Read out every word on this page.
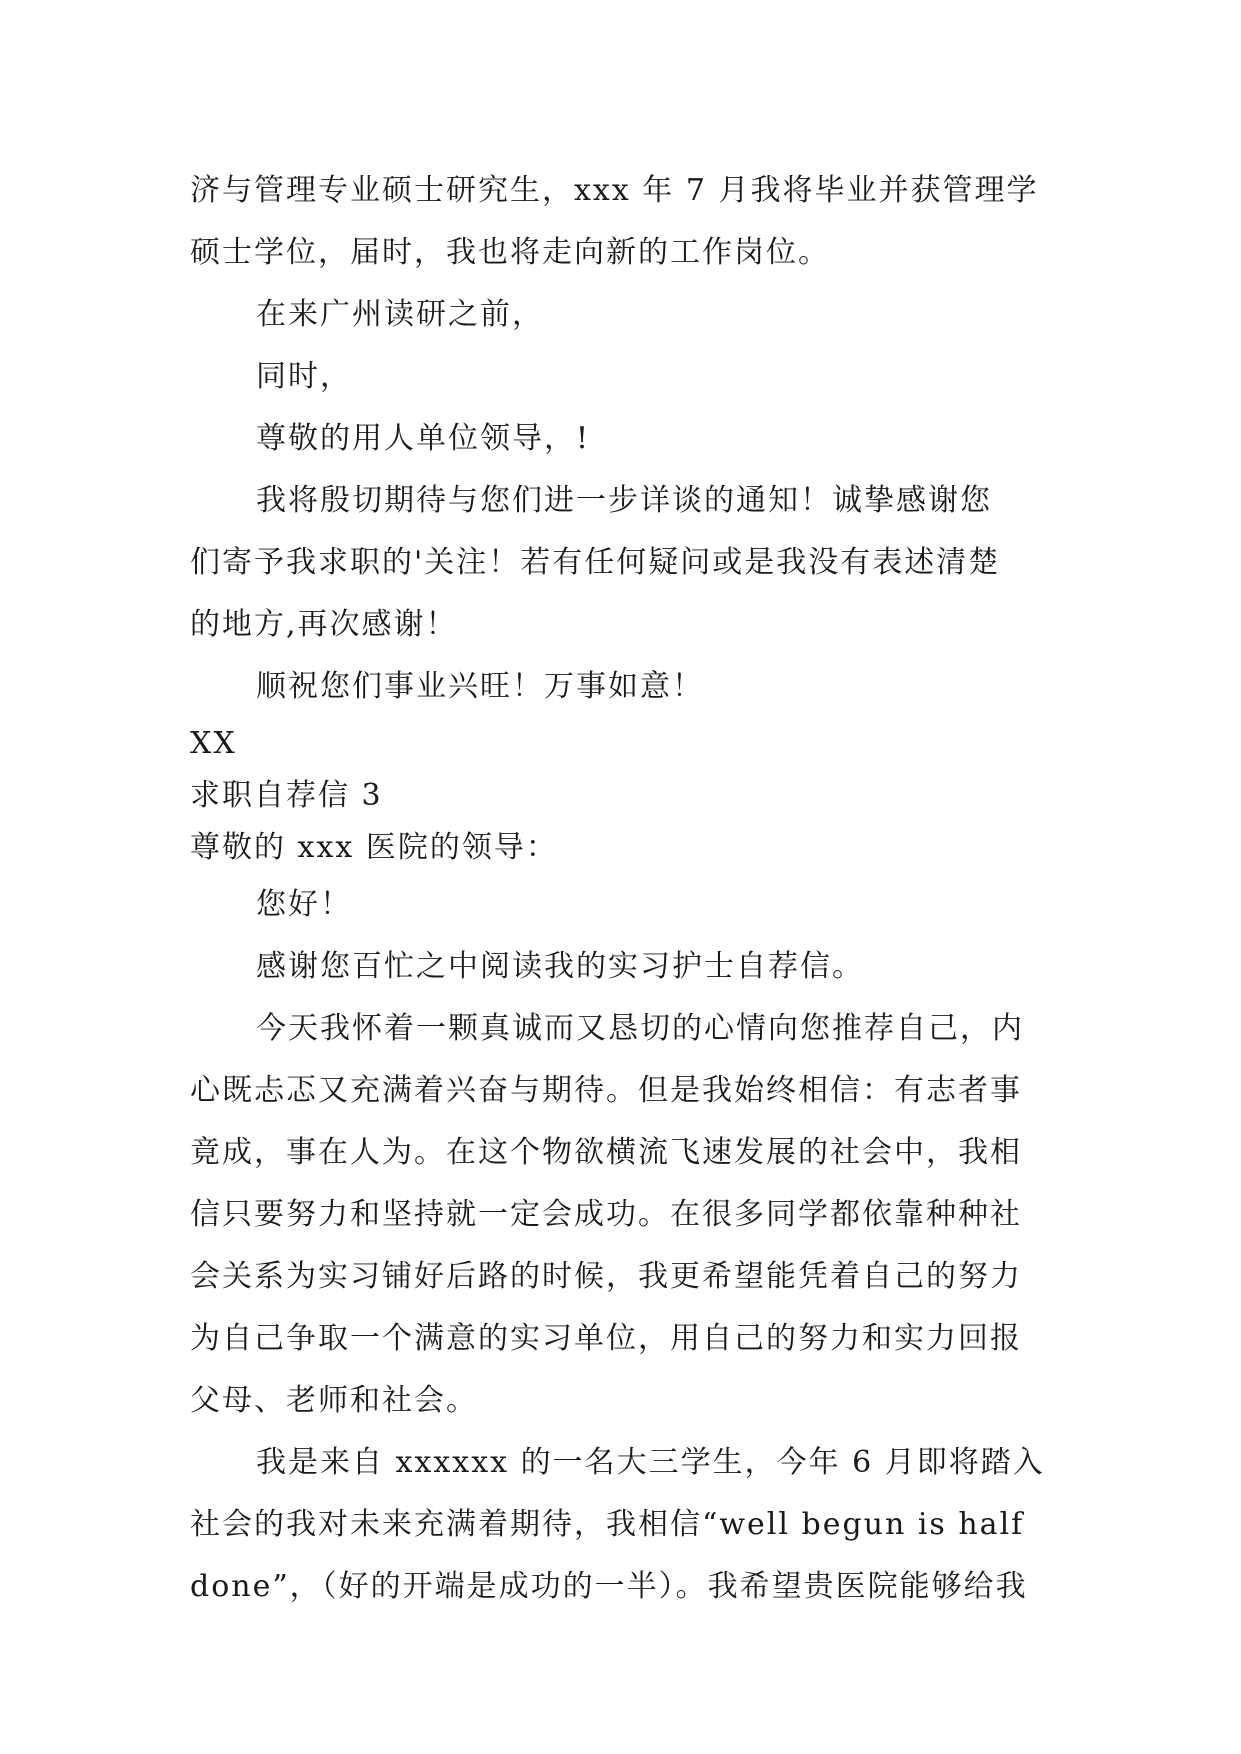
济与管理专业硕士研究生，xxx 年 7 月我将毕业并获管理学
硕士学位，届时，我也将走向新的工作岗位。
在来广州读研之前，
同时，
尊敬的用人单位领导，!
我将殷切期待与您们进一步详谈的通知！诚挚感谢您
们寄予我求职的'关注！若有任何疑问或是我没有表述清楚
的地方,再次感谢！
顺祝您们事业兴旺！万事如意！
XX
求职自荐信 3
尊敬的 xxx 医院的领导：
您好！
感谢您百忙之中阅读我的实习护士自荐信。
今天我怀着一颗真诚而又恳切的心情向您推荐自己，内
心既忐忑又充满着兴奋与期待。但是我始终相信：有志者事
竟成，事在人为。在这个物欲横流飞速发展的社会中，我相
信只要努力和坚持就一定会成功。在很多同学都依靠种种社
会关系为实习铺好后路的时候，我更希望能凭着自己的努力
为自己争取一个满意的实习单位，用自己的努力和实力回报
父母、老师和社会。
我是来自 xxxxxx 的一名大三学生，今年 6 月即将踏入
社会的我对未来充满着期待，我相信“well begun is half
done”，（好的开端是成功的一半）。我希望贵医院能够给我
